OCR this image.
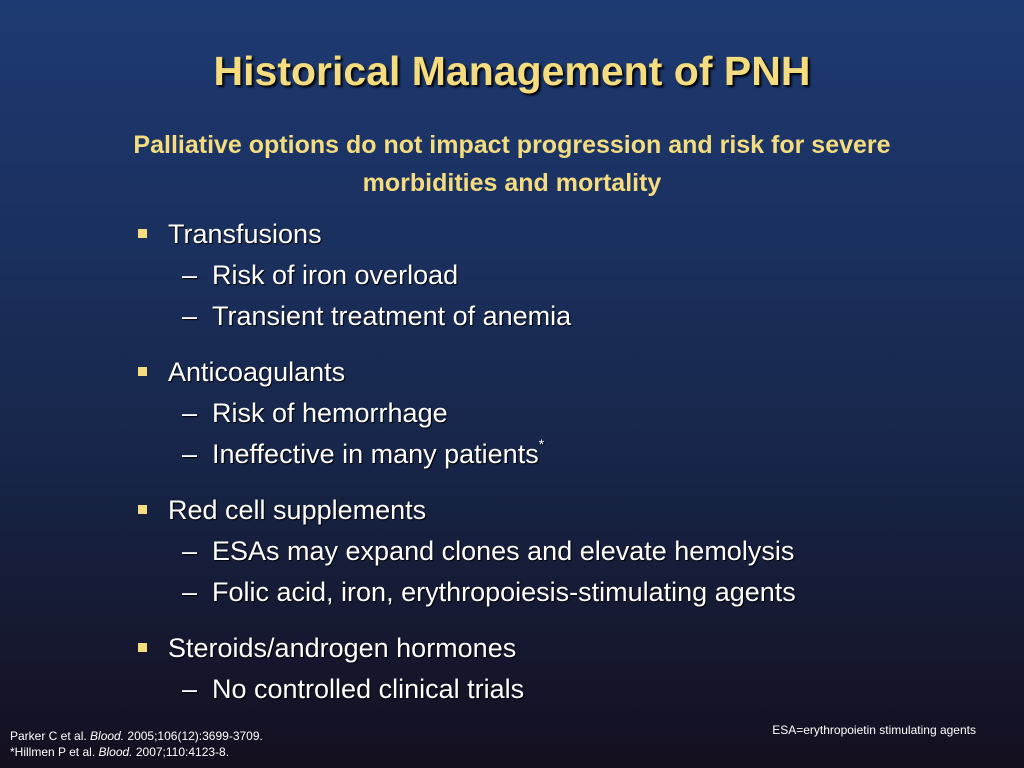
Historical Management of PNH
Palliative options do not impact progression and risk for severe morbidities and mortality
Transfusions
– Risk of iron overload
– Transient treatment of anemia
Anticoagulants
– Risk of hemorrhage
– Ineffective in many patients*
Red cell supplements
– ESAs may expand clones and elevate hemolysis
– Folic acid, iron, erythropoiesis-stimulating agents
Steroids/androgen hormones
– No controlled clinical trials
Parker C et al. Blood. 2005;106(12):3699-3709.
*Hillmen P et al. Blood. 2007;110:4123-8.
ESA=erythropoietin stimulating agents
